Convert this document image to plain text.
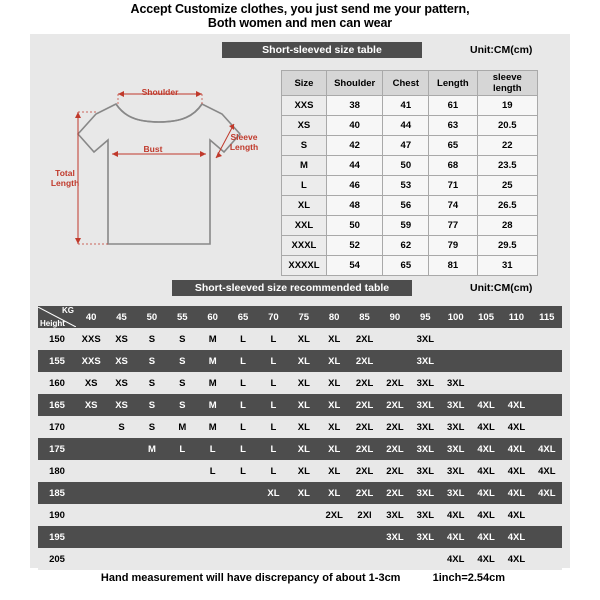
Accept Customize clothes, you just send me your pattern,
Both women and men can wear
Short-sleeved size table	Unit:CM(cm)
Shoulder
Bust
Sleeve
Length
Total
Length
Size	Shoulder	Chest	Length	sleeve length
XXS	38	41	61	19
XS	40	44	63	20.5
S	42	47	65	22
M	44	50	68	23.5
L	46	53	71	25
XL	48	56	74	26.5
XXL	50	59	77	28
XXXL	52	62	79	29.5
XXXXL	54	65	81	31
Short-sleeved size recommended table	Unit:CM(cm)
KG
Height	40	45	50	55	60	65	70	75	80	85	90	95	100	105	110	115
150	XXS	XS	S	S	M	L	L	XL	XL	2XL		3XL				
155	XXS	XS	S	S	M	L	L	XL	XL	2XL		3XL				
160	XS	XS	S	S	M	L	L	XL	XL	2XL	2XL	3XL	3XL			
165	XS	XS	S	S	M	L	L	XL	XL	2XL	2XL	3XL	3XL	4XL	4XL	
170		S	S	M	M	L	L	XL	XL	2XL	2XL	3XL	3XL	4XL	4XL	
175			M	L	L	L	L	XL	XL	2XL	2XL	3XL	3XL	4XL	4XL	4XL
180					L	L	L	XL	XL	2XL	2XL	3XL	3XL	4XL	4XL	4XL
185							XL	XL	XL	2XL	2XL	3XL	3XL	4XL	4XL	4XL
190									2XL	2Xl	3XL	3XL	4XL	4XL	4XL	
195											3XL	3XL	4XL	4XL	4XL	
205													4XL	4XL	4XL	
Hand measurement will have discrepancy of about 1-3cm	1inch=2.54cm
